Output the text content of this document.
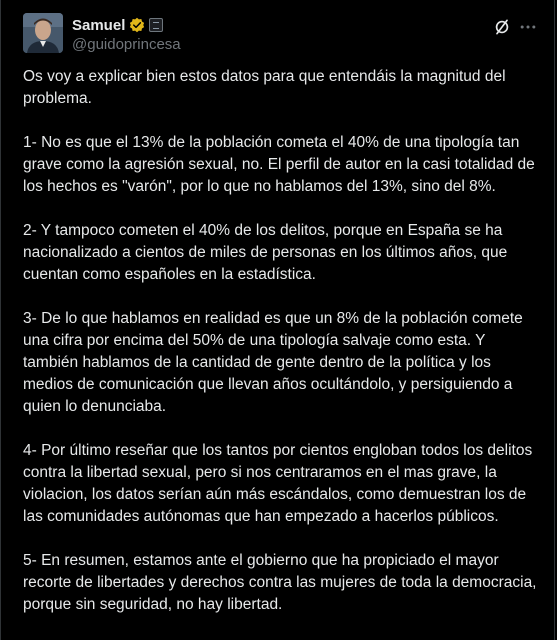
Samuel
@guidoprincesa

Os voy a explicar bien estos datos para que entendáis la magnitud del problema.

1- No es que el 13% de la población cometa el 40% de una tipología tan grave como la agresión sexual, no. El perfil de autor en la casi totalidad de los hechos es "varón", por lo que no hablamos del 13%, sino del 8%.

2- Y tampoco cometen el 40% de los delitos, porque en España se ha nacionalizado a cientos de miles de personas en los últimos años, que cuentan como españoles en la estadística.

3- De lo que hablamos en realidad es que un 8% de la población comete una cifra por encima del 50% de una tipología salvaje como esta. Y también hablamos de la cantidad de gente dentro de la política y los medios de comunicación que llevan años ocultándolo, y persiguiendo a quien lo denunciaba.

4- Por último reseñar que los tantos por cientos engloban todos los delitos contra la libertad sexual, pero si nos centraramos en el mas grave, la violacion, los datos serían aún más escándalos, como demuestran los de las comunidades autónomas que han empezado a hacerlos públicos.

5- En resumen, estamos ante el gobierno que ha propiciado el mayor recorte de libertades y derechos contra las mujeres de toda la democracia, porque sin seguridad, no hay libertad.
